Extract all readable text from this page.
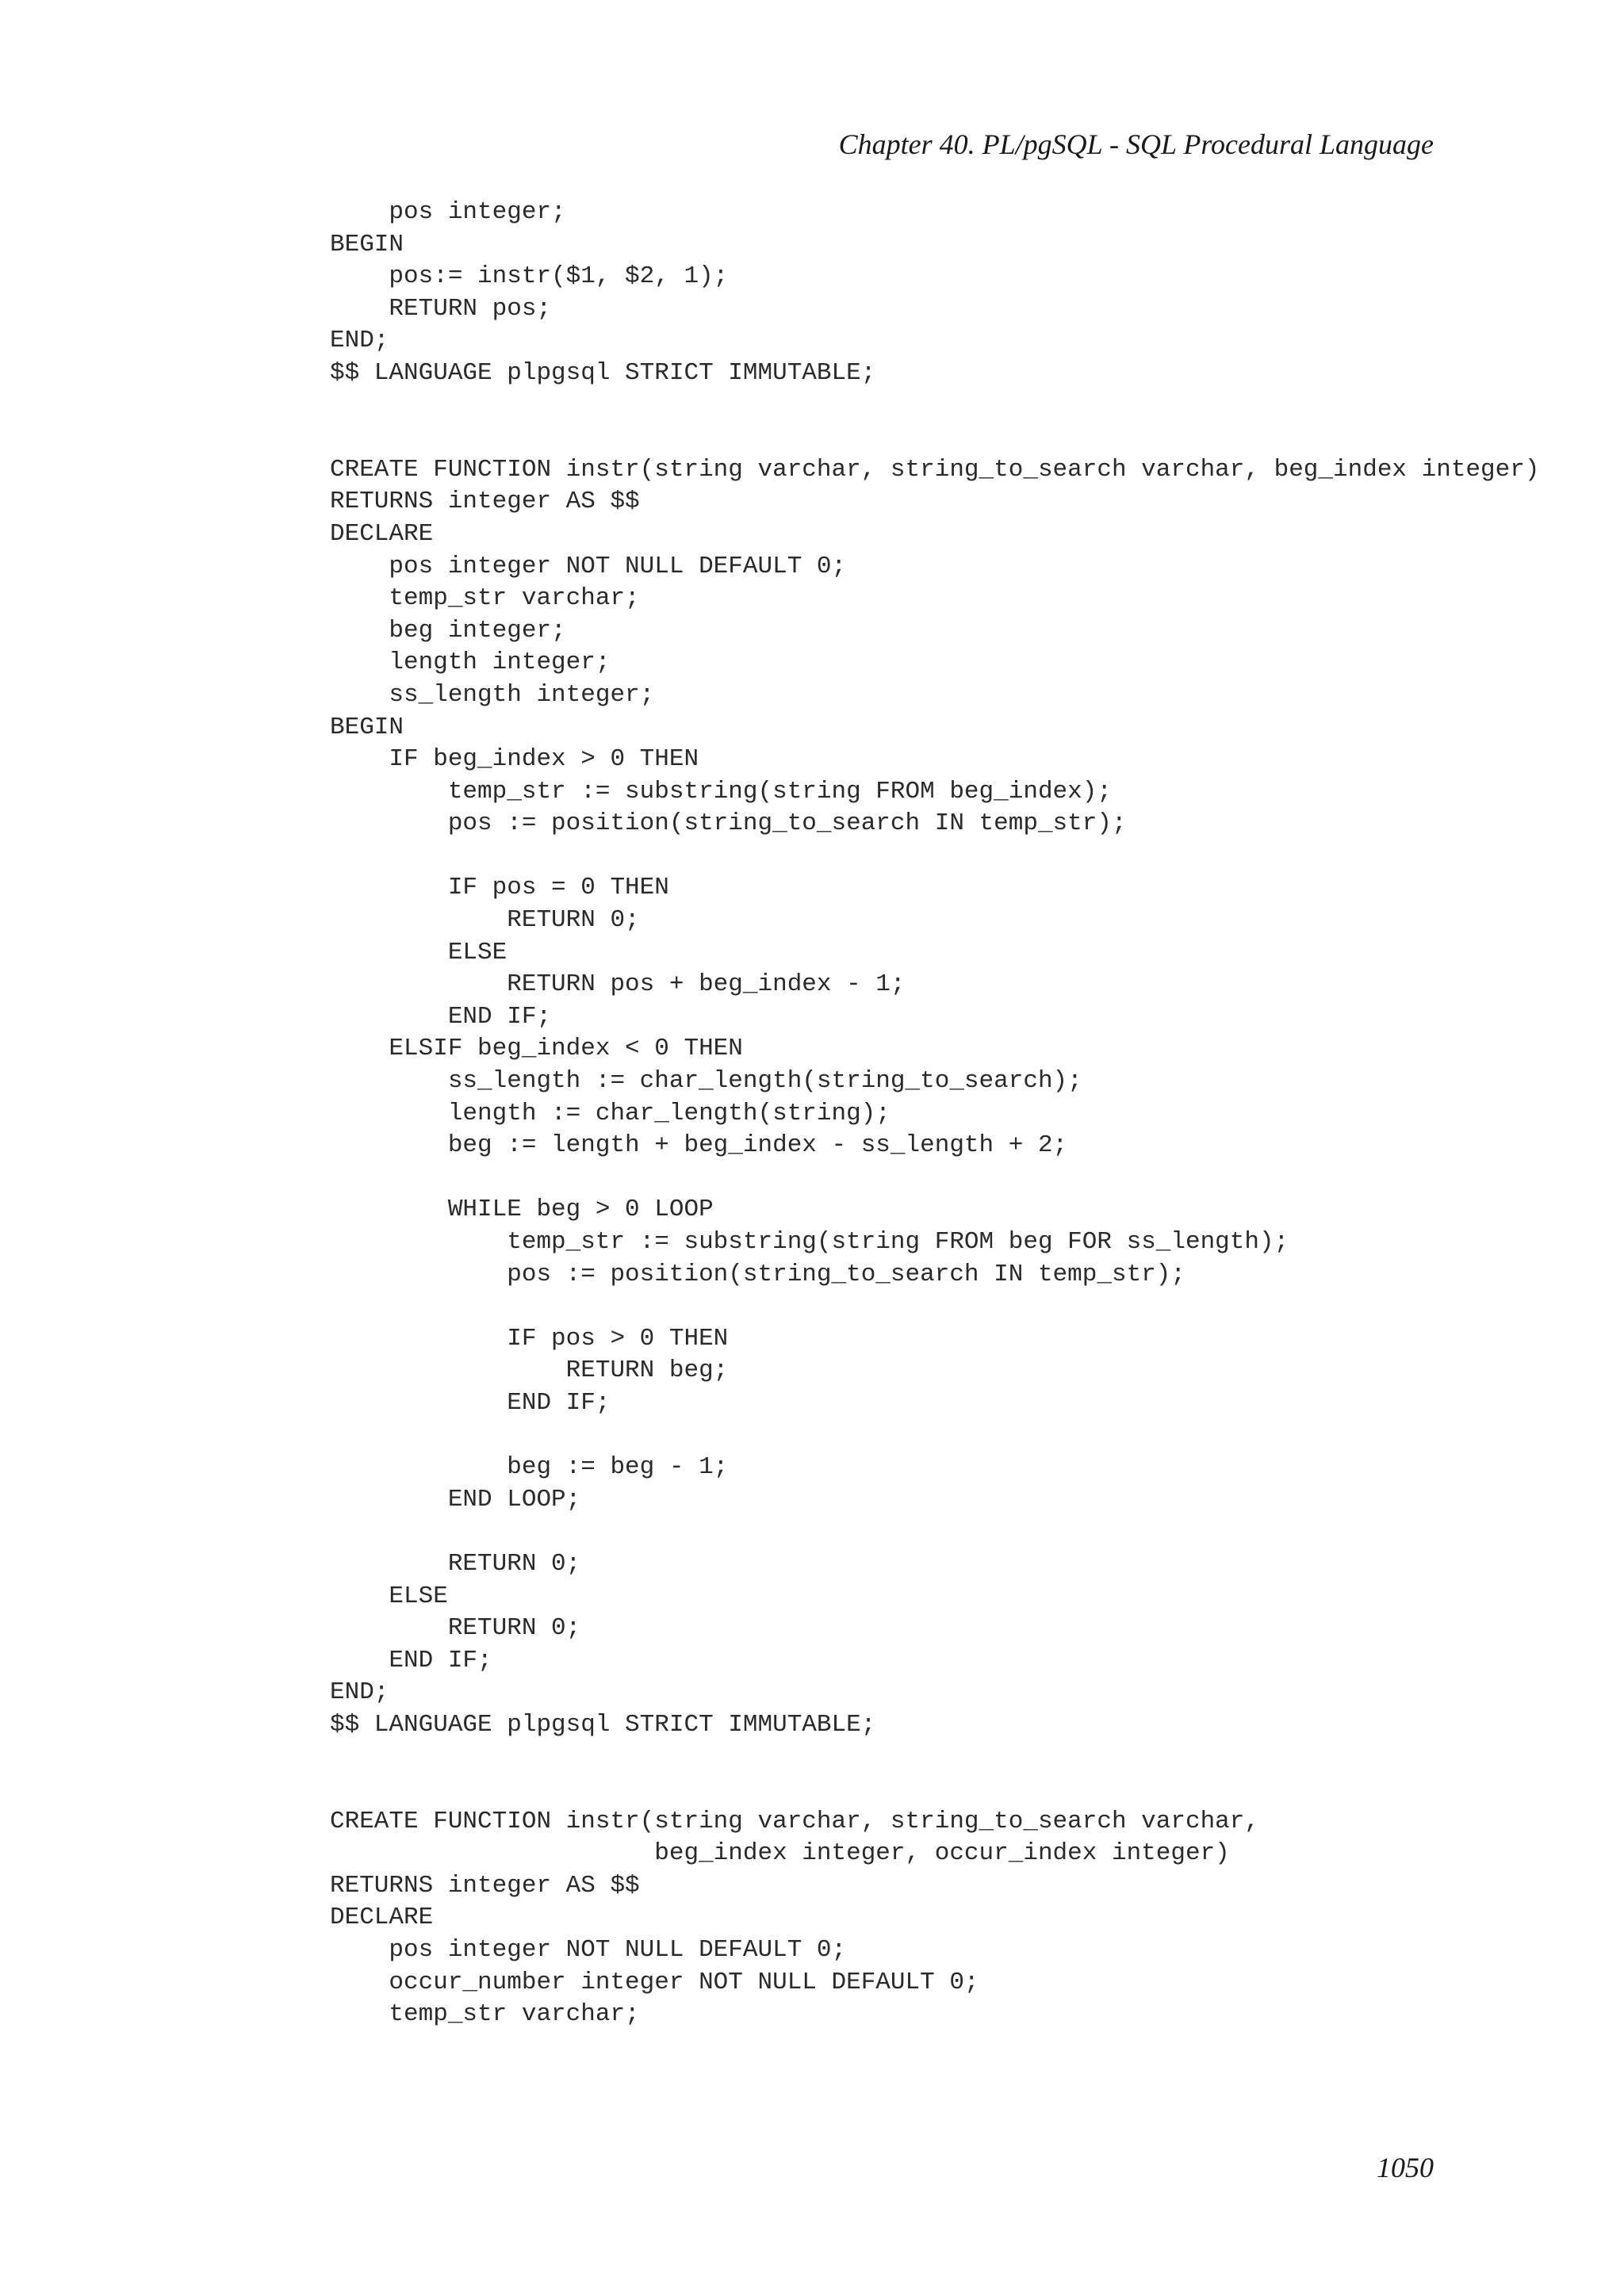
Chapter 40. PL/pgSQL - SQL Procedural Language
pos integer;
BEGIN
pos:= instr($1, $2, 1);
RETURN pos;
END;
$$ LANGUAGE plpgsql STRICT IMMUTABLE;
CREATE FUNCTION instr(string varchar, string_to_search varchar, beg_index integer)
RETURNS integer AS $$
DECLARE
pos integer NOT NULL DEFAULT 0;
temp_str varchar;
beg integer;
length integer;
ss_length integer;
BEGIN
IF beg_index > 0 THEN
temp_str := substring(string FROM beg_index);
pos := position(string_to_search IN temp_str);
IF pos = 0 THEN
RETURN 0;
ELSE
RETURN pos + beg_index - 1;
END IF;
ELSIF beg_index < 0 THEN
ss_length := char_length(string_to_search);
length := char_length(string);
beg := length + beg_index - ss_length + 2;
WHILE beg > 0 LOOP
temp_str := substring(string FROM beg FOR ss_length);
pos := position(string_to_search IN temp_str);
IF pos > 0 THEN
RETURN beg;
END IF;
beg := beg - 1;
END LOOP;
RETURN 0;
ELSE
RETURN 0;
END IF;
END;
$$ LANGUAGE plpgsql STRICT IMMUTABLE;
CREATE FUNCTION instr(string varchar, string_to_search varchar,
beg_index integer, occur_index integer)
RETURNS integer AS $$
DECLARE
pos integer NOT NULL DEFAULT 0;
occur_number integer NOT NULL DEFAULT 0;
temp_str varchar;
1050
